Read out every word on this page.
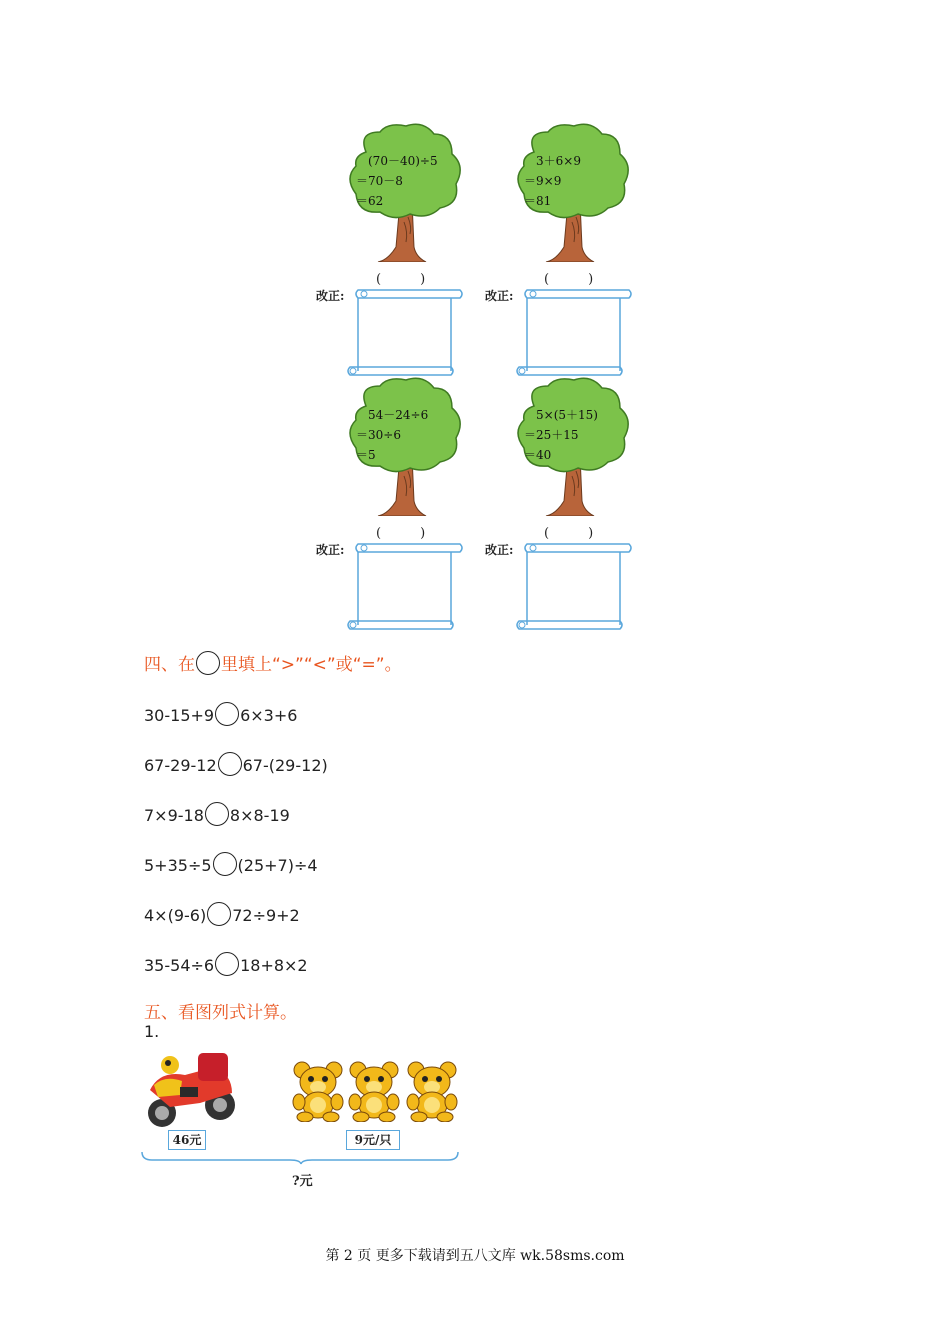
(70－40)÷5
＝70－8
＝62
(　　　)
改正:
3＋6×9
＝9×9
＝81
(　　　)
改正:
54－24÷6
＝30÷6
＝5
(　　　)
改正:
5×(5＋15)
＝25＋15
＝40
(　　　)
改正:
四、在 里填上“>”“<”或“=”。
30-15+9 6×3+6
67-29-12 67-(29-12)
7×9-18 8×8-19
5+35÷5 (25+7)÷4
4×(9-6) 72÷9+2
35-54÷6 18+8×2
五、看图列式计算。
1.
46元	9元/只
?元
第 2 页 更多下载请到五八文库 wk.58sms.com
